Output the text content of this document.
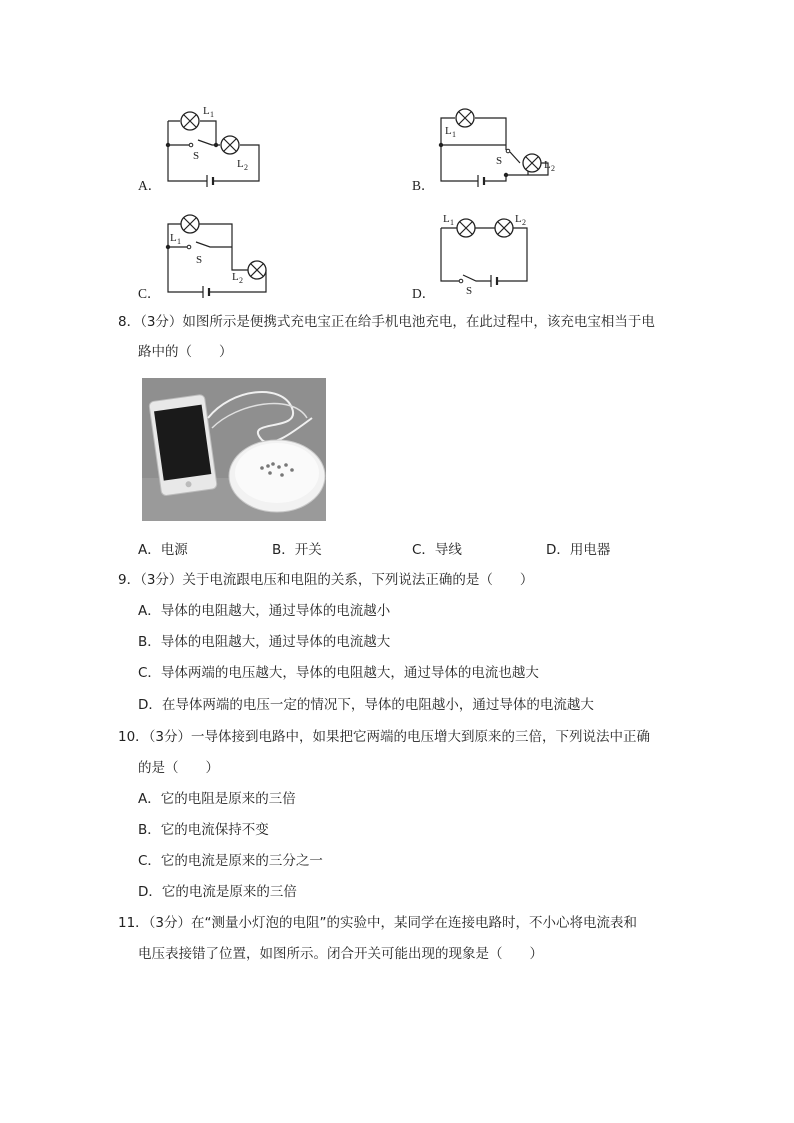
L 1
S
L 2
L 1
S	L 2
L 1
S
L 2
L 1
S
L 2
A．	B．
C．	D．
8．（3分）如图所示是便携式充电宝正在给手机电池充电，在此过程中，该充电宝相当于电
路中的（　　）
A．电源	B．开关	C．导线	D．用电器
9．（3分）关于电流跟电压和电阻的关系，下列说法正确的是（　　）
A．导体的电阻越大，通过导体的电流越小
B．导体的电阻越大，通过导体的电流越大
C．导体两端的电压越大，导体的电阻越大，通过导体的电流也越大
D．在导体两端的电压一定的情况下，导体的电阻越小，通过导体的电流越大
10．（3分）一导体接到电路中，如果把它两端的电压增大到原来的三倍，下列说法中正确
的是（　　）
A．它的电阻是原来的三倍
B．它的电流保持不变
C．它的电流是原来的三分之一
D．它的电流是原来的三倍
11．（3分）在“测量小灯泡的电阻”的实验中，某同学在连接电路时，不小心将电流表和
电压表接错了位置，如图所示。闭合开关可能出现的现象是（　　）
